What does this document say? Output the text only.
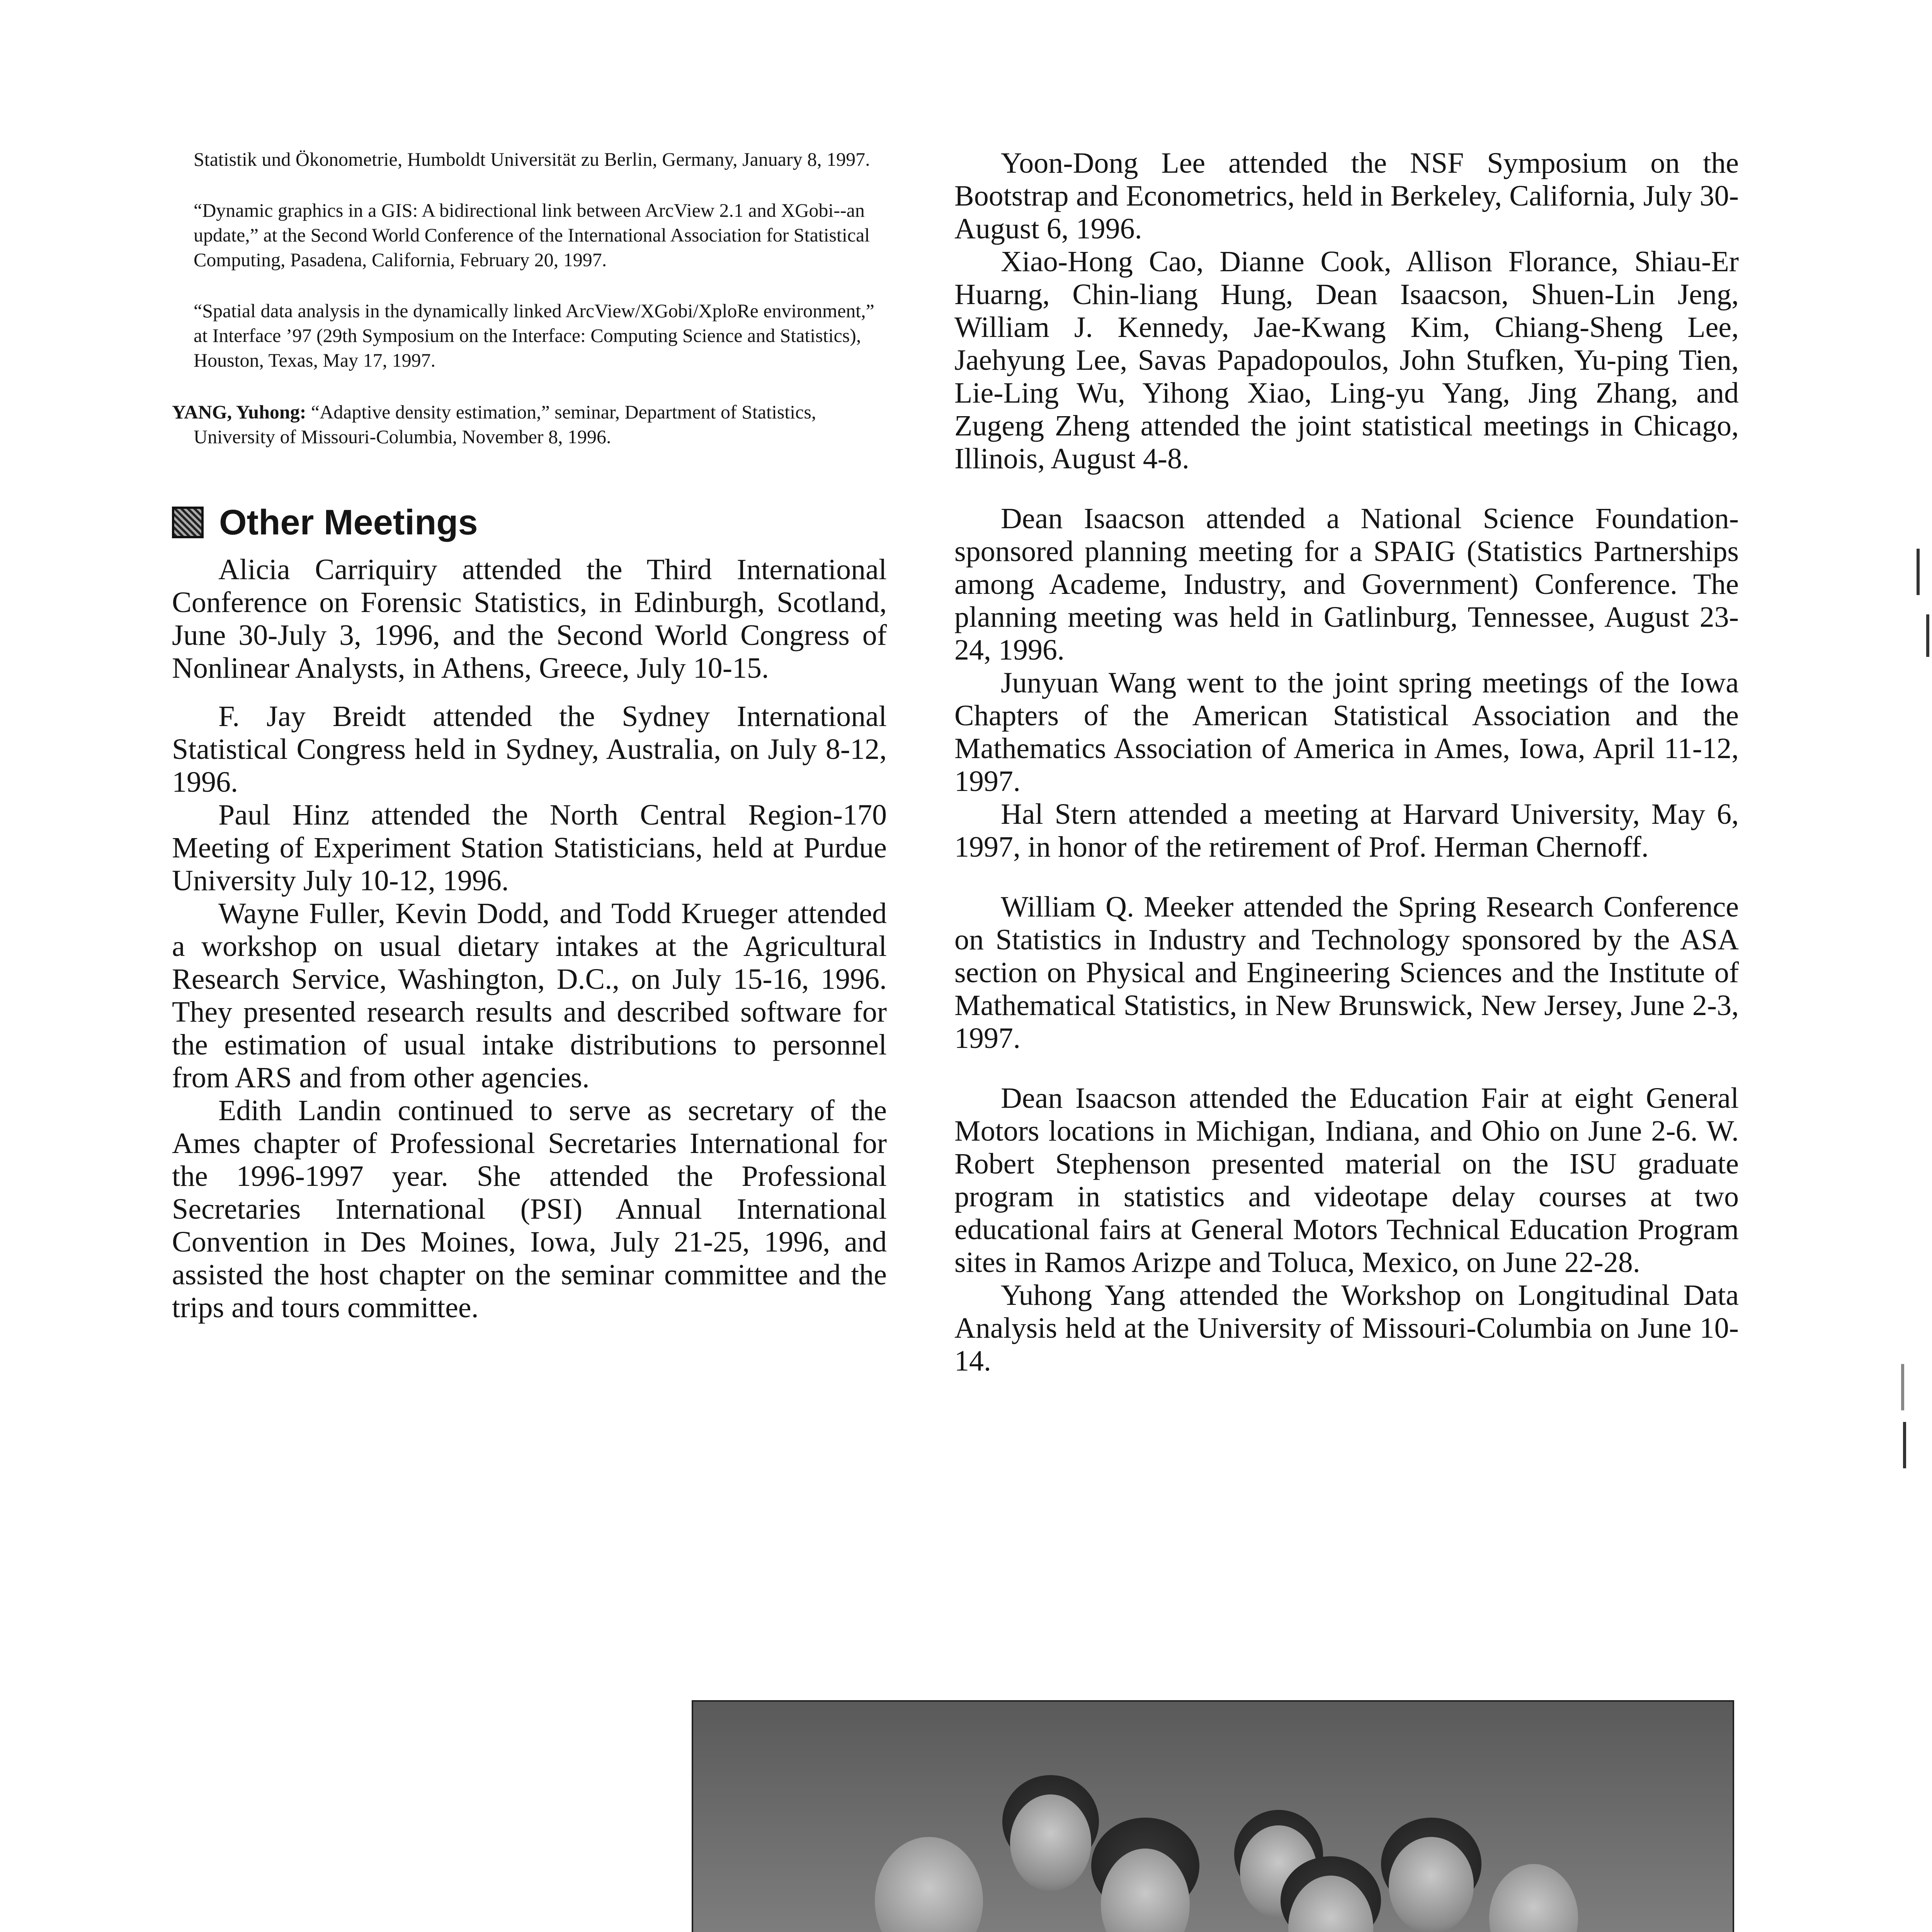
Statistik und Ökonometrie, Humboldt Universität zu Berlin, Germany, January 8, 1997.

“Dynamic graphics in a GIS: A bidirectional link between ArcView 2.1 and XGobi--an update,” at the Second World Conference of the International Association for Statistical Computing, Pasadena, California, February 20, 1997.

“Spatial data analysis in the dynamically linked ArcView/XGobi/XploRe environment,” at Interface ’97 (29th Symposium on the Interface: Computing Science and Statistics), Houston, Texas, May 17, 1997.

YANG, Yuhong: “Adaptive density estimation,” seminar, Department of Statistics, University of Missouri-Columbia, November 8, 1996.

Other Meetings

Alicia Carriquiry attended the Third International Conference on Forensic Statistics, in Edinburgh, Scotland, June 30-July 3, 1996, and the Second World Congress of Nonlinear Analysts, in Athens, Greece, July 10-15.

F. Jay Breidt attended the Sydney International Statistical Congress held in Sydney, Australia, on July 8-12, 1996.

Paul Hinz attended the North Central Region-170 Meeting of Experiment Station Statisticians, held at Purdue University July 10-12, 1996.

Wayne Fuller, Kevin Dodd, and Todd Krueger attended a workshop on usual dietary intakes at the Agricultural Research Service, Washington, D.C., on July 15-16, 1996. They presented research results and described software for the estimation of usual intake distributions to personnel from ARS and from other agencies.

Edith Landin continued to serve as secretary of the Ames chapter of Professional Secretaries International for the 1996-1997 year. She attended the Professional Secretaries International (PSI) Annual International Convention in Des Moines, Iowa, July 21-25, 1996, and assisted the host chapter on the seminar committee and the trips and tours committee.

Yoon-Dong Lee attended the NSF Symposium on the Bootstrap and Econometrics, held in Berkeley, California, July 30-August 6, 1996.

Xiao-Hong Cao, Dianne Cook, Allison Florance, Shiau-Er Huarng, Chin-liang Hung, Dean Isaacson, Shuen-Lin Jeng, William J. Kennedy, Jae-Kwang Kim, Chiang-Sheng Lee, Jaehyung Lee, Savas Papadopoulos, John Stufken, Yu-ping Tien, Lie-Ling Wu, Yihong Xiao, Ling-yu Yang, Jing Zhang, and Zugeng Zheng attended the joint statistical meetings in Chicago, Illinois, August 4-8.

Dean Isaacson attended a National Science Foundation-sponsored planning meeting for a SPAIG (Statistics Partnerships among Academe, Industry, and Government) Conference. The planning meeting was held in Gatlinburg, Tennessee, August 23-24, 1996.

Junyuan Wang went to the joint spring meetings of the Iowa Chapters of the American Statistical Association and the Mathematics Association of America in Ames, Iowa, April 11-12, 1997.

Hal Stern attended a meeting at Harvard University, May 6, 1997, in honor of the retirement of Prof. Herman Chernoff.

William Q. Meeker attended the Spring Research Conference on Statistics in Industry and Technology sponsored by the ASA section on Physical and Engineering Sciences and the Institute of Mathematical Statistics, in New Brunswick, New Jersey, June 2-3, 1997.

Dean Isaacson attended the Education Fair at eight General Motors locations in Michigan, Indiana, and Ohio on June 2-6. W. Robert Stephenson presented material on the ISU graduate program in statistics and videotape delay courses at two educational fairs at General Motors Technical Education Program sites in Ramos Arizpe and Toluca, Mexico, on June 22-28.

Yuhong Yang attended the Workshop on Longitudinal Data Analysis held at the University of Missouri-Columbia on June 10-14.
